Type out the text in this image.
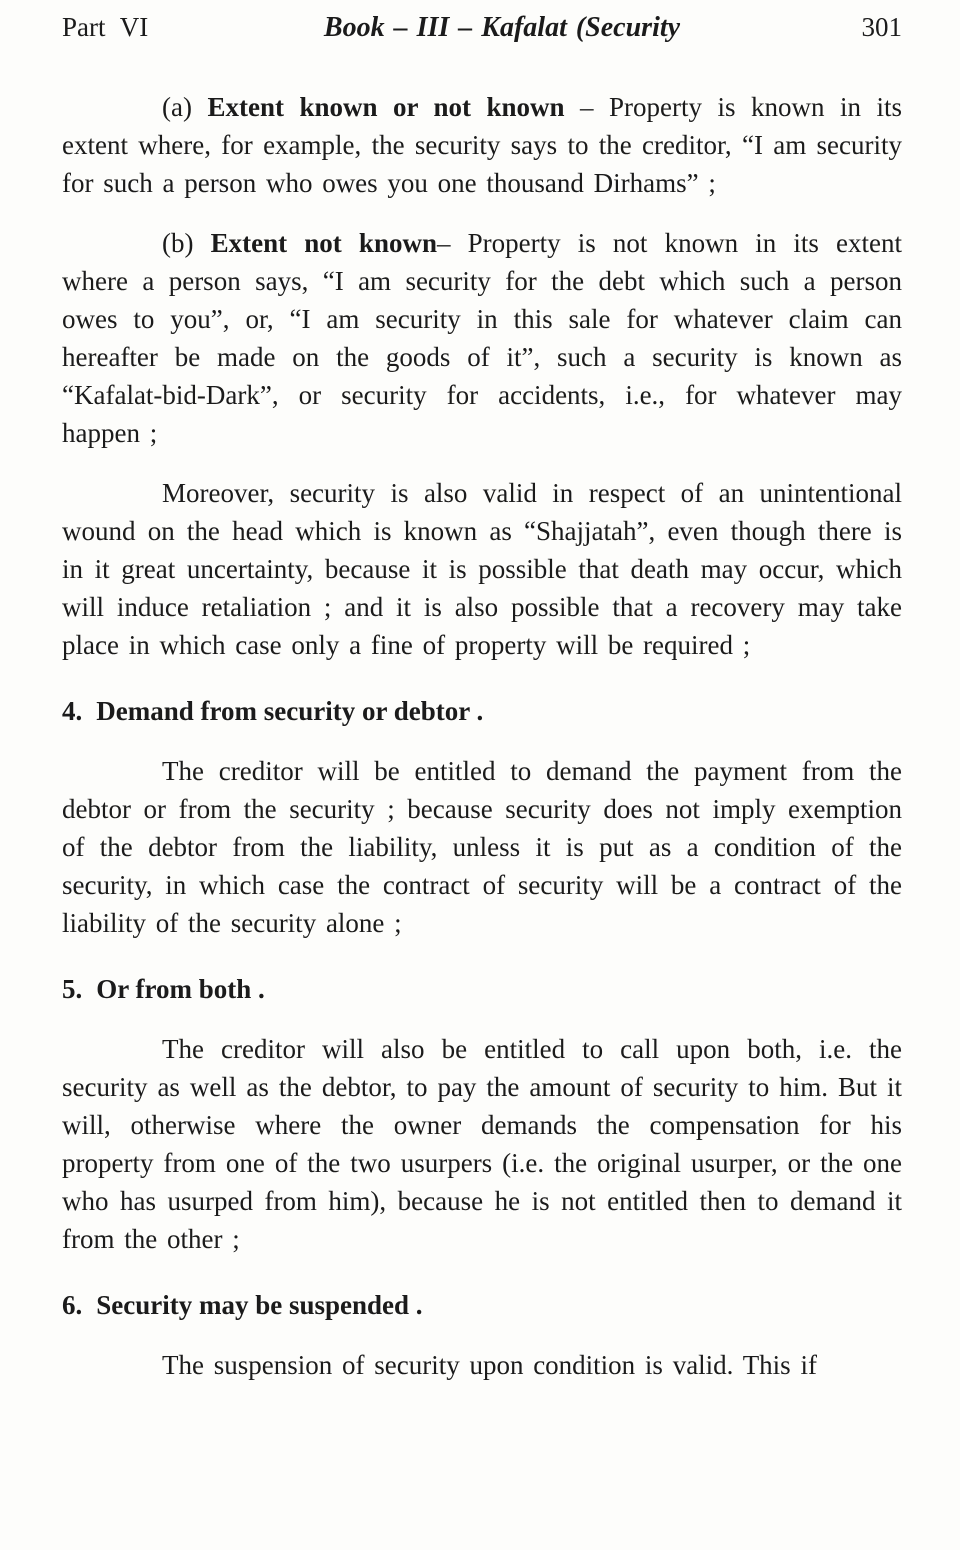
Part VI	Book – III – Kafalat (Security	301

(a) Extent known or not known – Property is known in its extent where, for example, the security says to the creditor, “I am security for such a person who owes you one thousand Dirhams” ;

(b) Extent not known– Property is not known in its extent where a person says, “I am security for the debt which such a person owes to you”, or, “I am security in this sale for whatever claim can hereafter be made on the goods of it”, such a security is known as “Kafalat-bid-Dark”, or security for accidents, i.e., for whatever may happen ;

Moreover, security is also valid in respect of an unintentional wound on the head which is known as “Shajjatah”, even though there is in it great uncertainty, because it is possible that death may occur, which will induce retaliation ; and it is also possible that a recovery may take place in which case only a fine of property will be required ;

4. Demand from security or debtor .

The creditor will be entitled to demand the payment from the debtor or from the security ; because security does not imply exemption of the debtor from the liability, unless it is put as a condition of the security, in which case the contract of security will be a contract of the liability of the security alone ;

5. Or from both .

The creditor will also be entitled to call upon both, i.e. the security as well as the debtor, to pay the amount of security to him. But it will, otherwise where the owner demands the compensation for his property from one of the two usurpers (i.e. the original usurper, or the one who has usurped from him), because he is not entitled then to demand it from the other ;

6. Security may be suspended .

The suspension of security upon condition is valid. This if
